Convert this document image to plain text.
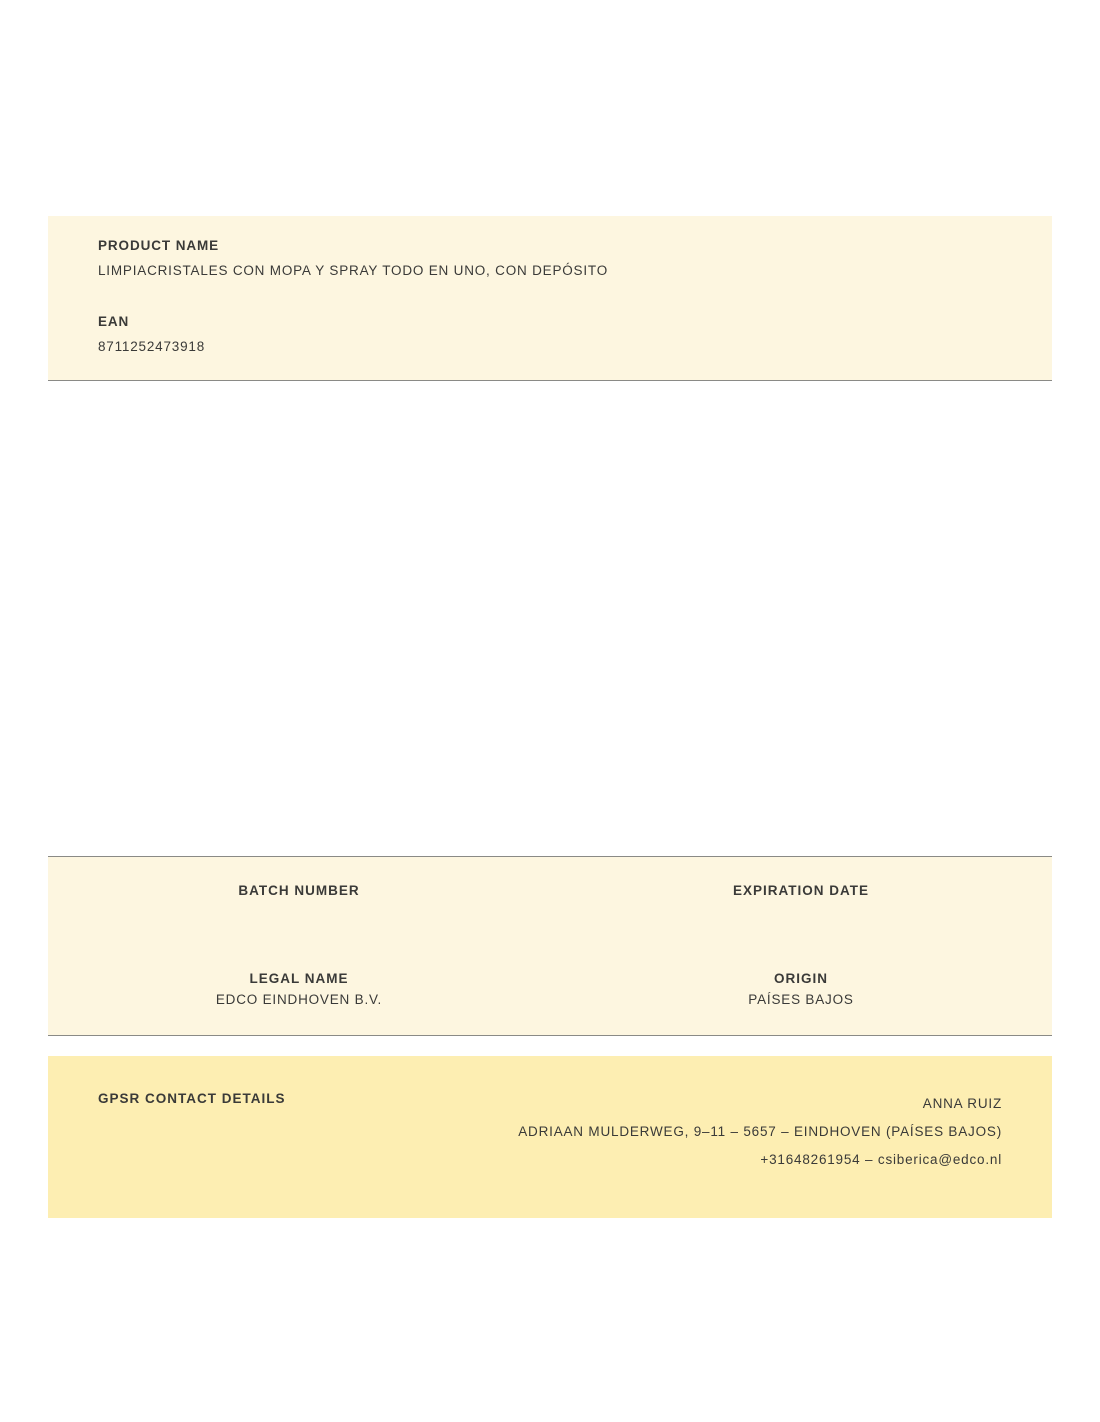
PRODUCT NAME

LIMPIACRISTALES CON MOPA Y SPRAY TODO EN UNO, CON DEPÓSITO

EAN

8711252473918

BATCH NUMBER	EXPIRATION DATE

LEGAL NAME

EDCO EINDHOVEN B.V.

ORIGIN

PAÍSES BAJOS

GPSR CONTACT DETAILS	ANNA RUIZ
ADRIAAN MULDERWEG, 9–11 – 5657 – EINDHOVEN (PAÍSES BAJOS)
+31648261954 – csiberica@edco.nl
